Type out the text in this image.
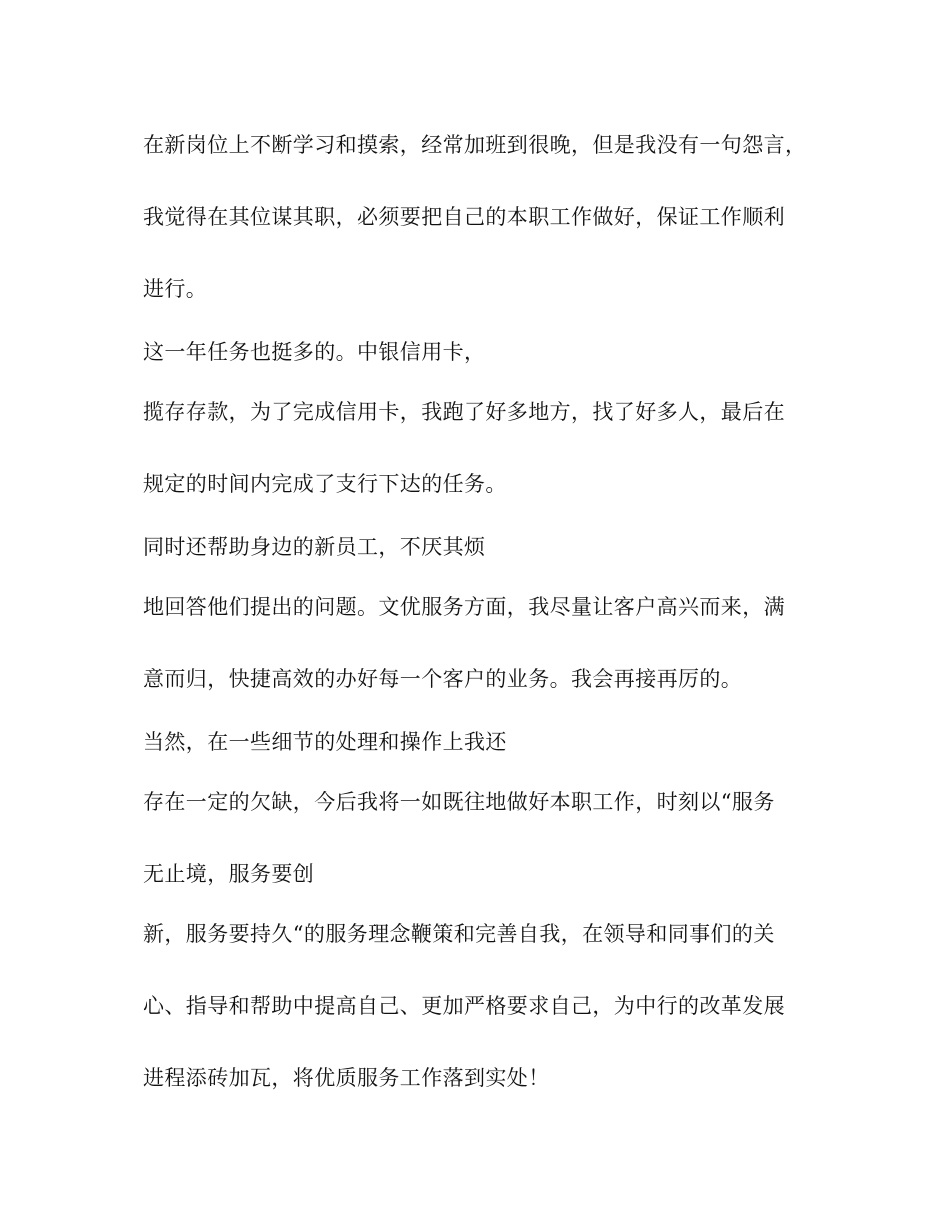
在新岗位上不断学习和摸索，经常加班到很晚，但是我没有一句怨言，
我觉得在其位谋其职，必须要把自己的本职工作做好，保证工作顺利
进行。
这一年任务也挺多的。中银信用卡，
揽存存款，为了完成信用卡，我跑了好多地方，找了好多人，最后在
规定的时间内完成了支行下达的任务。
同时还帮助身边的新员工，不厌其烦
地回答他们提出的问题。文优服务方面，我尽量让客户高兴而来，满
意而归，快捷高效的办好每一个客户的业务。我会再接再厉的。
当然，在一些细节的处理和操作上我还
存在一定的欠缺，今后我将一如既往地做好本职工作，时刻以“服务
无止境，服务要创
新，服务要持久“的服务理念鞭策和完善自我，在领导和同事们的关
心、指导和帮助中提高自己、更加严格要求自己，为中行的改革发展
进程添砖加瓦，将优质服务工作落到实处！
